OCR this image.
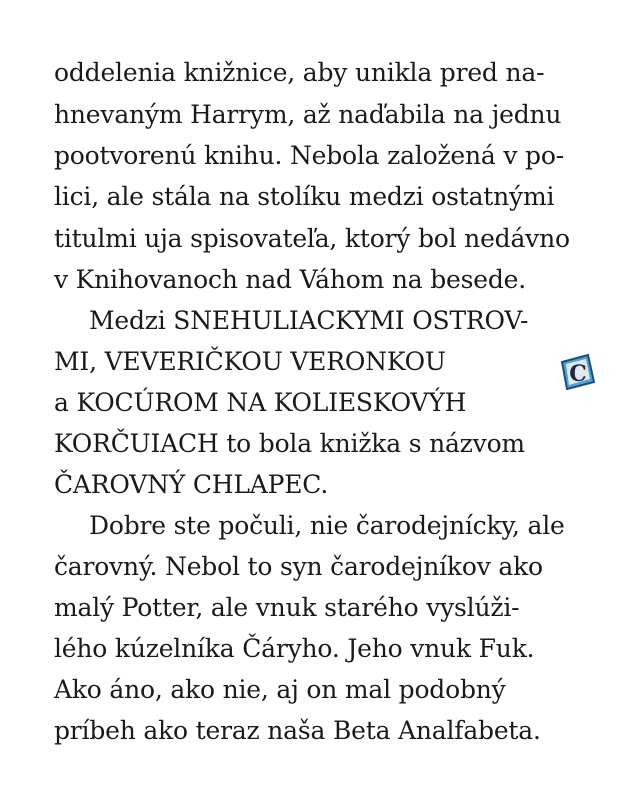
oddelenia knižnice, aby unikla pred na-
hnevaným Harrym, až naďabila na jednu
pootvorenú knihu. Nebola založená v po-
lici, ale stála na stolíku medzi ostatnými
titulmi uja spisovateľa, ktorý bol nedávno
v Knihovanoch nad Váhom na besede.
Medzi SNEHULIACKYMI OSTROV-
MI, VEVERIČKOU VERONKOU
a KOCÚROM NA KOLIESKOVÝH
KORČUIACH to bola knižka s názvom
ČAROVNÝ CHLAPEC.
Dobre ste počuli, nie čarodejnícky, ale
čarovný. Nebol to syn čarodejníkov ako
malý Potter, ale vnuk starého vyslúži-
lého kúzelníka Čáryho. Jeho vnuk Fuk.
Ako áno, ako nie, aj on mal podobný
príbeh ako teraz naša Beta Analfabeta.
C
